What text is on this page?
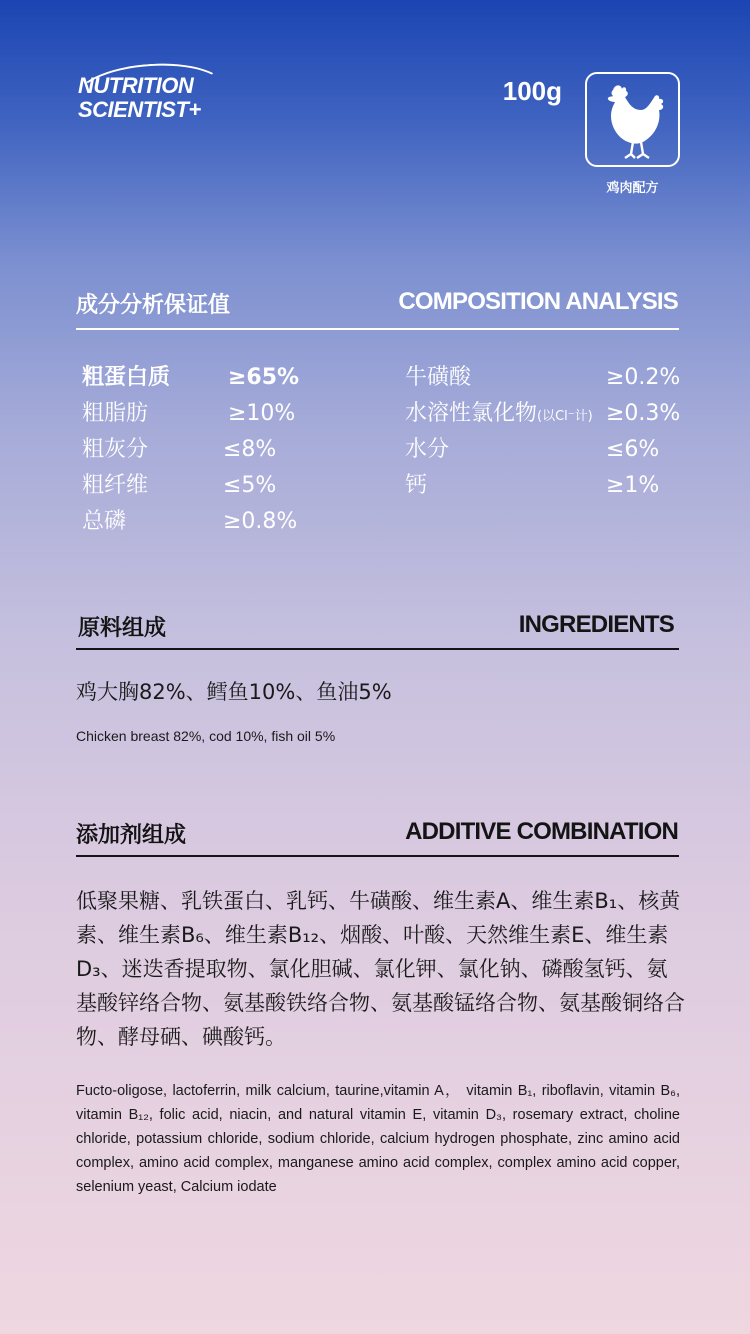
NUTRITION
SCIENTIST+
100g
鸡肉配方
成分分析保证值	COMPOSITION ANALYSIS
粗蛋白质	≥65%
粗脂肪	≥10%
粗灰分	≤8%
粗纤维	≤5%
总磷	≥0.8%
牛磺酸	≥0.2%
水溶性氯化物(以Cl⁻计) ≥0.3%
水分	≤6%
钙	≥1%
原料组成	INGREDIENTS
鸡大胸82%、鳕鱼10%、鱼油5%
Chicken breast 82%, cod 10%, fish oil 5%
添加剂组成	ADDITIVE COMBINATION
低聚果糖、乳铁蛋白、乳钙、牛磺酸、维生素A、维生素B₁、核黄素、维生素B₆、维生素B₁₂、烟酸、叶酸、天然维生素E、维生素D₃、迷迭香提取物、氯化胆碱、氯化钾、氯化钠、磷酸氢钙、氨基酸锌络合物、氨基酸铁络合物、氨基酸锰络合物、氨基酸铜络合物、酵母硒、碘酸钙。
Fucto-oligose, lactoferrin, milk calcium, taurine,vitamin A， vitamin B₁, riboflavin, vitamin B₆, vitamin B₁₂, folic acid, niacin, and natural vitamin E, vitamin D₃, rosemary extract, choline chloride, potassium chloride, sodium chloride, calcium hydrogen phosphate, zinc amino acid complex, amino acid complex, manganese amino acid complex, complex amino acid copper, selenium yeast, Calcium iodate
